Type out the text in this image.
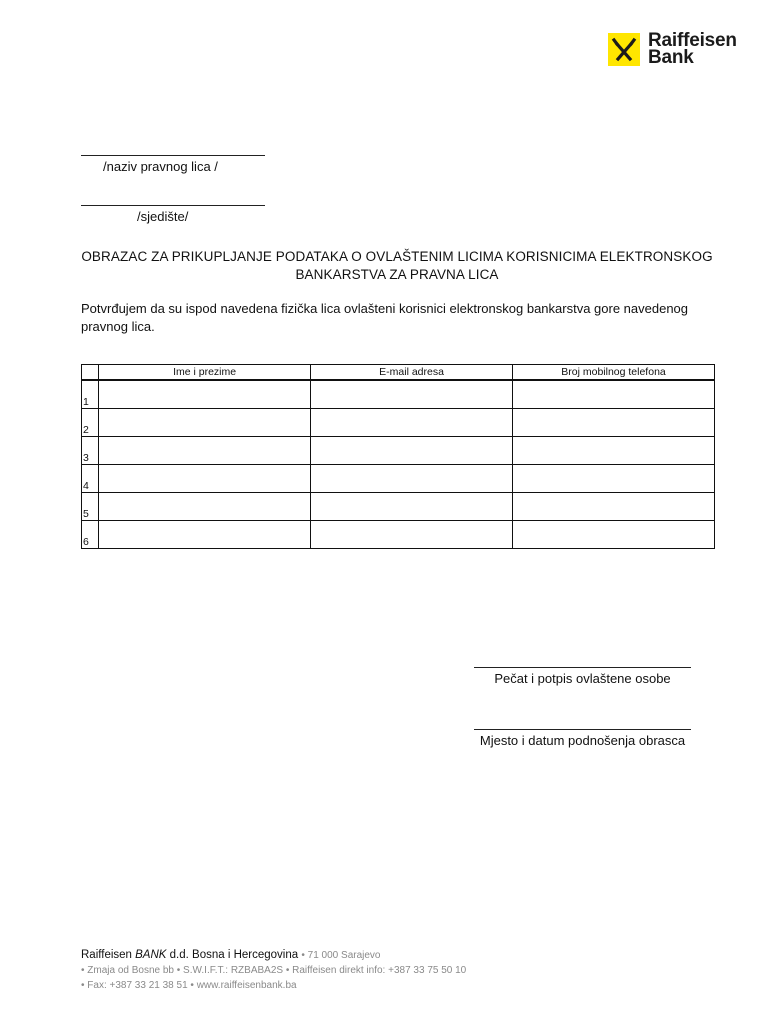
Raiffeisen
Bank
/naziv pravnog lica /
/sjedište/
OBRAZAC ZA PRIKUPLJANJE PODATAKA O OVLAŠTENIM LICIMA KORISNICIMA ELEKTRONSKOG
BANKARSTVA ZA PRAVNA LICA
Potvrđujem da su ispod navedena fizička lica ovlašteni korisnici elektronskog bankarstva gore navedenog pravnog lica.
	Ime i prezime	E-mail adresa	Broj mobilnog telefona
1			
2			
3			
4			
5			
6			
Pečat i potpis ovlaštene osobe
Mjesto i datum podnošenja obrasca
Raiffeisen BANK d.d. Bosna i Hercegovina • 71 000 Sarajevo
• Zmaja od Bosne bb • S.W.I.F.T.: RZBABA2S • Raiffeisen direkt info: +387 33 75 50 10
• Fax: +387 33 21 38 51 • www.raiffeisenbank.ba
